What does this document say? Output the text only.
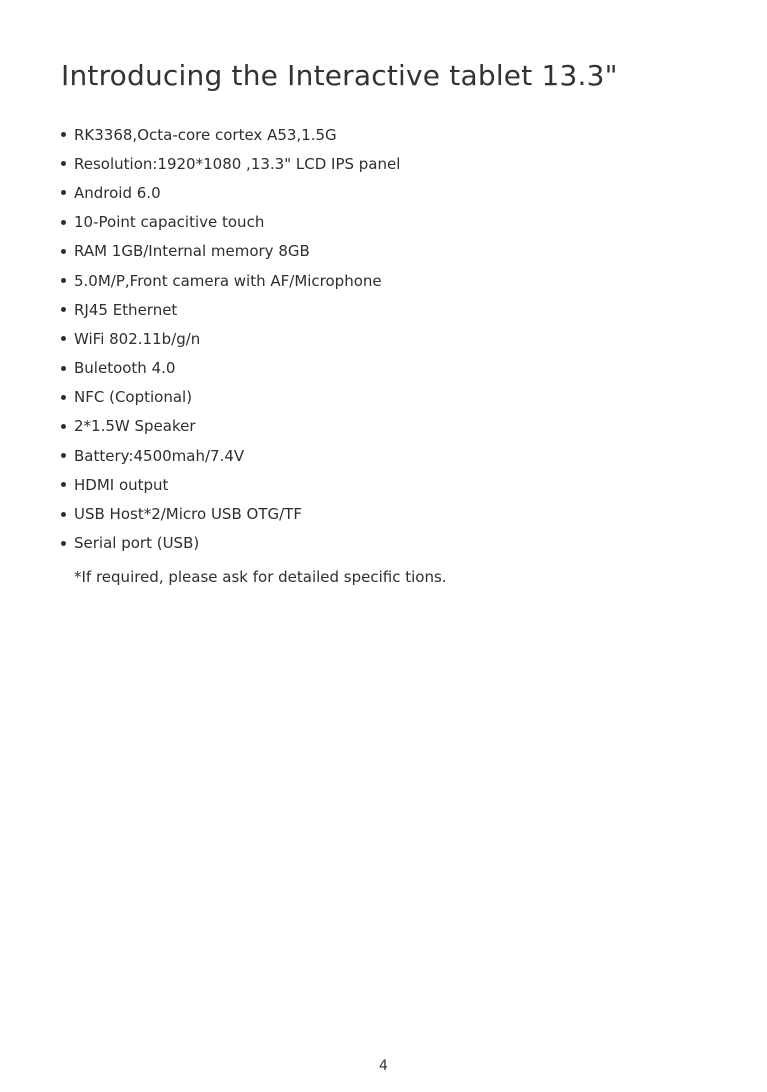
Introducing the Interactive tablet 13.3"
RK3368,Octa-core cortex A53,1.5G
Resolution:1920*1080 ,13.3" LCD IPS panel
Android 6.0
10-Point capacitive touch
RAM 1GB/Internal memory 8GB
5.0M/P,Front camera with AF/Microphone
RJ45 Ethernet
WiFi 802.11b/g/n
Buletooth 4.0
NFC (Coptional)
2*1.5W Speaker
Battery:4500mah/7.4V
HDMI output
USB Host*2/Micro USB OTG/TF
Serial port (USB)

*If required, please ask for detailed specific tions.

4
